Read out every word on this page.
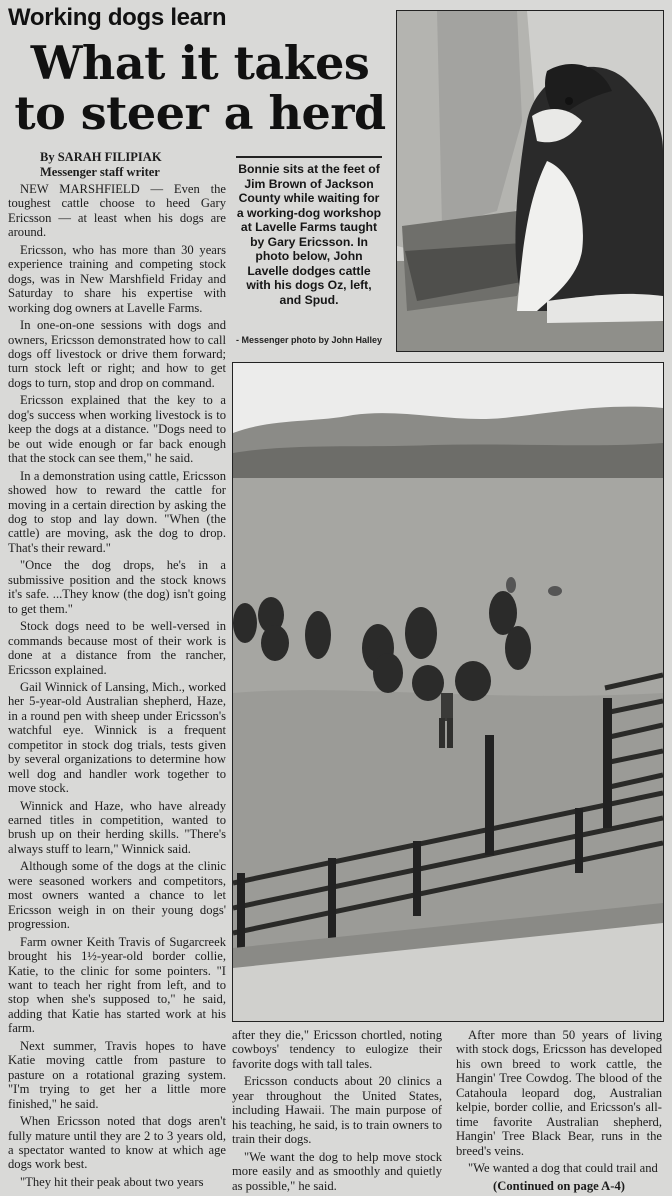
Working dogs learn
What it takes
to steer a herd
By SARAH FILIPIAK
Messenger staff writer

NEW MARSHFIELD — Even the toughest cattle choose to heed Gary Ericsson — at least when his dogs are around.

Ericsson, who has more than 30 years experience training and competing stock dogs, was in New Marshfield Friday and Saturday to share his expertise with working dog owners at Lavelle Farms.

In one-on-one sessions with dogs and owners, Ericsson demonstrated how to call dogs off livestock or drive them forward; turn stock left or right; and how to get dogs to turn, stop and drop on command.

Ericsson explained that the key to a dog's success when working livestock is to keep the dogs at a distance. "Dogs need to be out wide enough or far back enough that the stock can see them," he said.

In a demonstration using cattle, Ericsson showed how to reward the cattle for moving in a certain direction by asking the dog to stop and lay down. "When (the cattle) are moving, ask the dog to drop. That's their reward."

"Once the dog drops, he's in a submissive position and the stock knows it's safe. ...They know (the dog) isn't going to get them."

Stock dogs need to be well-versed in commands because most of their work is done at a distance from the rancher, Ericsson explained.

Gail Winnick of Lansing, Mich., worked her 5-year-old Australian shepherd, Haze, in a round pen with sheep under Ericsson's watchful eye. Winnick is a frequent competitor in stock dog trials, tests given by several organizations to determine how well dog and handler work together to move stock.

Winnick and Haze, who have already earned titles in competition, wanted to brush up on their herding skills. "There's always stuff to learn," Winnick said.

Although some of the dogs at the clinic were seasoned workers and competitors, most owners wanted a chance to let Ericsson weigh in on their young dogs' progression.

Farm owner Keith Travis of Sugarcreek brought his 1½-year-old border collie, Katie, to the clinic for some pointers. "I want to teach her right from left, and to stop when she's supposed to," he said, adding that Katie has started work at his farm.

Next summer, Travis hopes to have Katie moving cattle from pasture to pasture on a rotational grazing system. "I'm trying to get her a little more finished," he said.

When Ericsson noted that dogs aren't fully mature until they are 2 to 3 years old, a spectator wanted to know at which age dogs work best.

"They hit their peak about two years

Bonnie sits at the feet of Jim Brown of Jackson County while waiting for a working-dog workshop at Lavelle Farms taught by Gary Ericsson. In photo below, John Lavelle dodges cattle with his dogs Oz, left, and Spud.
- Messenger photo by John Halley

after they die," Ericsson chortled, noting cowboys' tendency to eulogize their favorite dogs with tall tales.

Ericsson conducts about 20 clinics a year throughout the United States, including Hawaii. The main purpose of his teaching, he said, is to train owners to train their dogs.

"We want the dog to help move stock more easily and as smoothly and quietly as possible," he said.

After more than 50 years of living with stock dogs, Ericsson has developed his own breed to work cattle, the Hangin' Tree Cowdog. The blood of the Catahoula leopard dog, Australian kelpie, border collie, and Ericsson's all-time favorite Australian shepherd, Hangin' Tree Black Bear, runs in the breed's veins.

"We wanted a dog that could trail and

(Continued on page A-4)
